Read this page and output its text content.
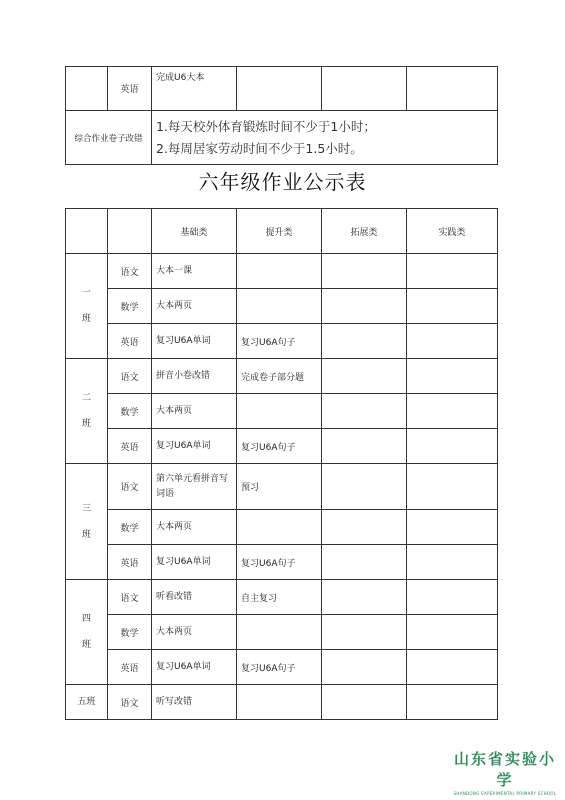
	英语	完成U6大本			
综合作业卷子改错		1.每天校外体育锻炼时间不少于1小时；
2.每周居家劳动时间不少于1.5小时。			
六年级作业公示表
		基础类	提升类	拓展类	实践类

一班	语文	大本一课			
	数学	大本两页			
	英语	复习U6A单词	复习U6A句子		

二班	语文	拼音小卷改错	完成卷子部分题		
	数学	大本两页			
	英语	复习U6A单词	复习U6A句子		

三班	语文	第六单元看拼音写词语	预习		
	数学	大本两页			
	英语	复习U6A单词	复习U6A句子		

四班	语文	听看改错	自主复习		
	数学	大本两页			
	英语	复习U6A单词	复习U6A句子		
五班	语文	听写改错			
山东省实验小学
SHANDONG EXPERIMENTAL PRIMARY SCHOOL
